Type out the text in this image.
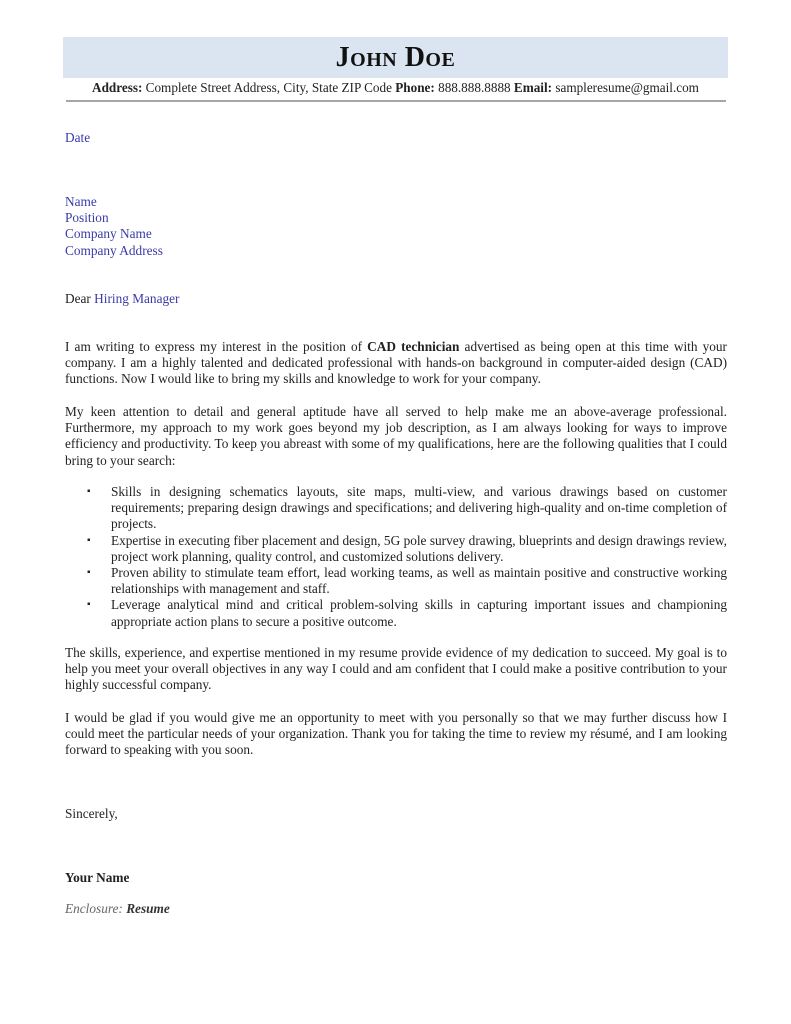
John Doe
Address: Complete Street Address, City, State ZIP Code Phone: 888.888.8888 Email: sampleresume@gmail.com
Date
Name
Position
Company Name
Company Address
Dear Hiring Manager
I am writing to express my interest in the position of CAD technician advertised as being open at this time with your company. I am a highly talented and dedicated professional with hands-on background in computer-aided design (CAD) functions. Now I would like to bring my skills and knowledge to work for your company.
My keen attention to detail and general aptitude have all served to help make me an above-average professional. Furthermore, my approach to my work goes beyond my job description, as I am always looking for ways to improve efficiency and productivity. To keep you abreast with some of my qualifications, here are the following qualities that I could bring to your search:
▪ Skills in designing schematics layouts, site maps, multi-view, and various drawings based on customer requirements; preparing design drawings and specifications; and delivering high-quality and on-time completion of projects.
▪ Expertise in executing fiber placement and design, 5G pole survey drawing, blueprints and design drawings review, project work planning, quality control, and customized solutions delivery.
▪ Proven ability to stimulate team effort, lead working teams, as well as maintain positive and constructive working relationships with management and staff.
▪ Leverage analytical mind and critical problem-solving skills in capturing important issues and championing appropriate action plans to secure a positive outcome.
The skills, experience, and expertise mentioned in my resume provide evidence of my dedication to succeed. My goal is to help you meet your overall objectives in any way I could and am confident that I could make a positive contribution to your highly successful company.
I would be glad if you would give me an opportunity to meet with you personally so that we may further discuss how I could meet the particular needs of your organization. Thank you for taking the time to review my résumé, and I am looking forward to speaking with you soon.
Sincerely,
Your Name
Enclosure: Resume
